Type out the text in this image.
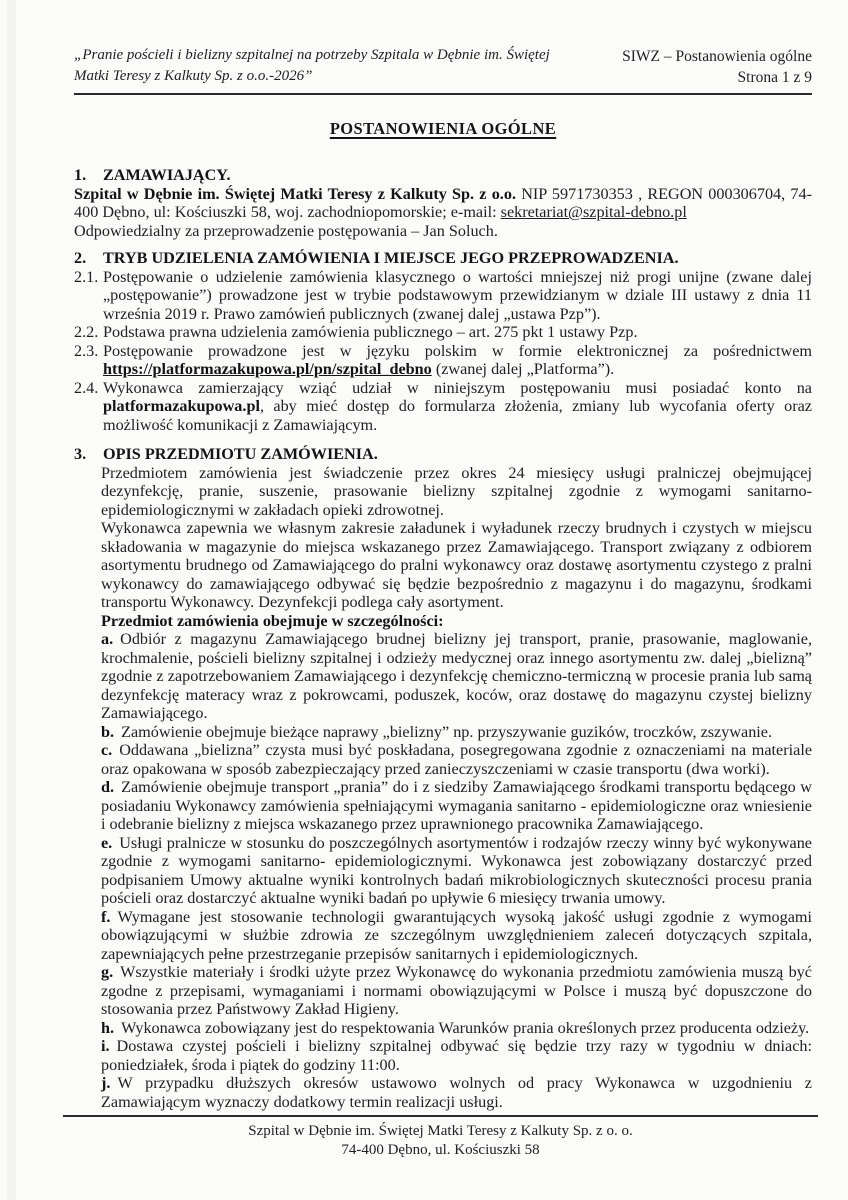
„Pranie pościeli i bielizny szpitalnej na potrzeby Szpitala w Dębnie im. Świętej Matki Teresy z Kalkuty Sp. z o.o.-2026”
SIWZ – Postanowienia ogólne
Strona 1 z 9
POSTANOWIENIA OGÓLNE

1. ZAMAWIAJĄCY.

Szpital w Dębnie im. Świętej Matki Teresy z Kalkuty Sp. z o.o. NIP 5971730353 , REGON 000306704, 74-400 Dębno, ul: Kościuszki 58, woj. zachodniopomorskie; e-mail: sekretariat@szpital-debno.pl

Odpowiedzialny za przeprowadzenie postępowania – Jan Soluch.

2. TRYB UDZIELENIA ZAMÓWIENIA I MIEJSCE JEGO PRZEPROWADZENIA.

2.1. Postępowanie o udzielenie zamówienia klasycznego o wartości mniejszej niż progi unijne (zwane dalej „postępowanie”) prowadzone jest w trybie podstawowym przewidzianym w dziale III ustawy z dnia 11 września 2019 r. Prawo zamówień publicznych (zwanej dalej „ustawa Pzp”).

2.2. Podstawa prawna udzielenia zamówienia publicznego – art. 275 pkt 1 ustawy Pzp.

2.3. Postępowanie prowadzone jest w języku polskim w formie elektronicznej za pośrednictwem https://platformazakupowa.pl/pn/szpital_debno (zwanej dalej „Platforma”).

2.4. Wykonawca zamierzający wziąć udział w niniejszym postępowaniu musi posiadać konto na platformazakupowa.pl, aby mieć dostęp do formularza złożenia, zmiany lub wycofania oferty oraz możliwość komunikacji z Zamawiającym.

3. OPIS PRZEDMIOTU ZAMÓWIENIA.

Przedmiotem zamówienia jest świadczenie przez okres 24 miesięcy usługi pralniczej obejmującej dezynfekcję, pranie, suszenie, prasowanie bielizny szpitalnej zgodnie z wymogami sanitarno-epidemiologicznymi w zakładach opieki zdrowotnej.

Wykonawca zapewnia we własnym zakresie załadunek i wyładunek rzeczy brudnych i czystych w miejscu składowania w magazynie do miejsca wskazanego przez Zamawiającego. Transport związany z odbiorem asortymentu brudnego od Zamawiającego do pralni wykonawcy oraz dostawę asortymentu czystego z pralni wykonawcy do zamawiającego odbywać się będzie bezpośrednio z magazynu i do magazynu, środkami transportu Wykonawcy. Dezynfekcji podlega cały asortyment.

Przedmiot zamówienia obejmuje w szczególności:

a. Odbiór z magazynu Zamawiającego brudnej bielizny jej transport, pranie, prasowanie, maglowanie, krochmalenie, pościeli bielizny szpitalnej i odzieży medycznej oraz innego asortymentu zw. dalej „bielizną” zgodnie z zapotrzebowaniem Zamawiającego i dezynfekcję chemiczno-termiczną w procesie prania lub samą dezynfekcję materacy wraz z pokrowcami, poduszek, koców, oraz dostawę do magazynu czystej bielizny Zamawiającego.

b. Zamówienie obejmuje bieżące naprawy „bielizny” np. przyszywanie guzików, troczków, zszywanie.

c. Oddawana „bielizna” czysta musi być poskładana, posegregowana zgodnie z oznaczeniami na materiale oraz opakowana w sposób zabezpieczający przed zanieczyszczeniami w czasie transportu (dwa worki).

d. Zamówienie obejmuje transport „prania” do i z siedziby Zamawiającego środkami transportu będącego w posiadaniu Wykonawcy zamówienia spełniającymi wymagania sanitarno - epidemiologiczne oraz wniesienie i odebranie bielizny z miejsca wskazanego przez uprawnionego pracownika Zamawiającego.

e. Usługi pralnicze w stosunku do poszczególnych asortymentów i rodzajów rzeczy winny być wykonywane zgodnie z wymogami sanitarno- epidemiologicznymi. Wykonawca jest zobowiązany dostarczyć przed podpisaniem Umowy aktualne wyniki kontrolnych badań mikrobiologicznych skuteczności procesu prania pościeli oraz dostarczyć aktualne wyniki badań po upływie 6 miesięcy trwania umowy.

f. Wymagane jest stosowanie technologii gwarantujących wysoką jakość usługi zgodnie z wymogami obowiązującymi w służbie zdrowia ze szczególnym uwzględnieniem zaleceń dotyczących szpitala, zapewniających pełne przestrzeganie przepisów sanitarnych i epidemiologicznych.

g. Wszystkie materiały i środki użyte przez Wykonawcę do wykonania przedmiotu zamówienia muszą być zgodne z przepisami, wymaganiami i normami obowiązującymi w Polsce i muszą być dopuszczone do stosowania przez Państwowy Zakład Higieny.

h. Wykonawca zobowiązany jest do respektowania Warunków prania określonych przez producenta odzieży.

i. Dostawa czystej pościeli i bielizny szpitalnej odbywać się będzie trzy razy w tygodniu w dniach: poniedziałek, środa i piątek do godziny 11:00.

j. W przypadku dłuższych okresów ustawowo wolnych od pracy Wykonawca w uzgodnieniu z Zamawiającym wyznaczy dodatkowy termin realizacji usługi.

Szpital w Dębnie im. Świętej Matki Teresy z Kalkuty Sp. z o. o.
74-400 Dębno, ul. Kościuszki 58
